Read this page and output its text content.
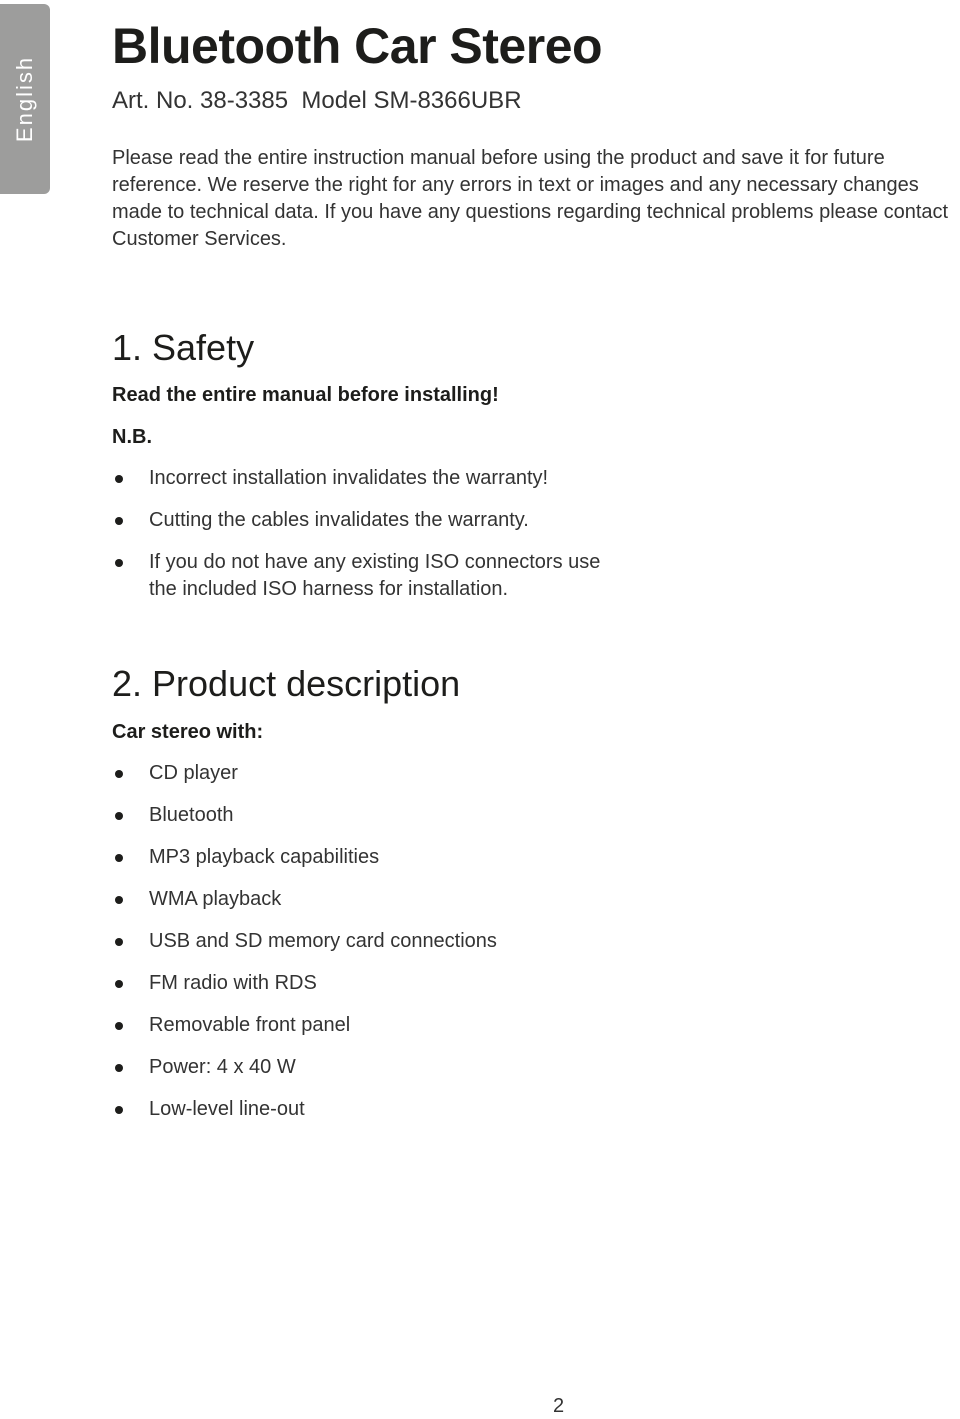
English
Bluetooth Car Stereo
Art. No. 38-3385  Model SM-8366UBR

Please read the entire instruction manual before using the product and save it for future reference. We reserve the right for any errors in text or images and any necessary changes made to technical data. If you have any questions regarding technical problems please contact Customer Services.

1. Safety
Read the entire manual before installing!
N.B.
Incorrect installation invalidates the warranty!
Cutting the cables invalidates the warranty.
If you do not have any existing ISO connectors use the included ISO harness for installation.
2. Product description
Car stereo with:
CD player
Bluetooth
MP3 playback capabilities
WMA playback
USB and SD memory card connections
FM radio with RDS
Removable front panel
Power: 4 x 40 W
Low-level line-out
2
